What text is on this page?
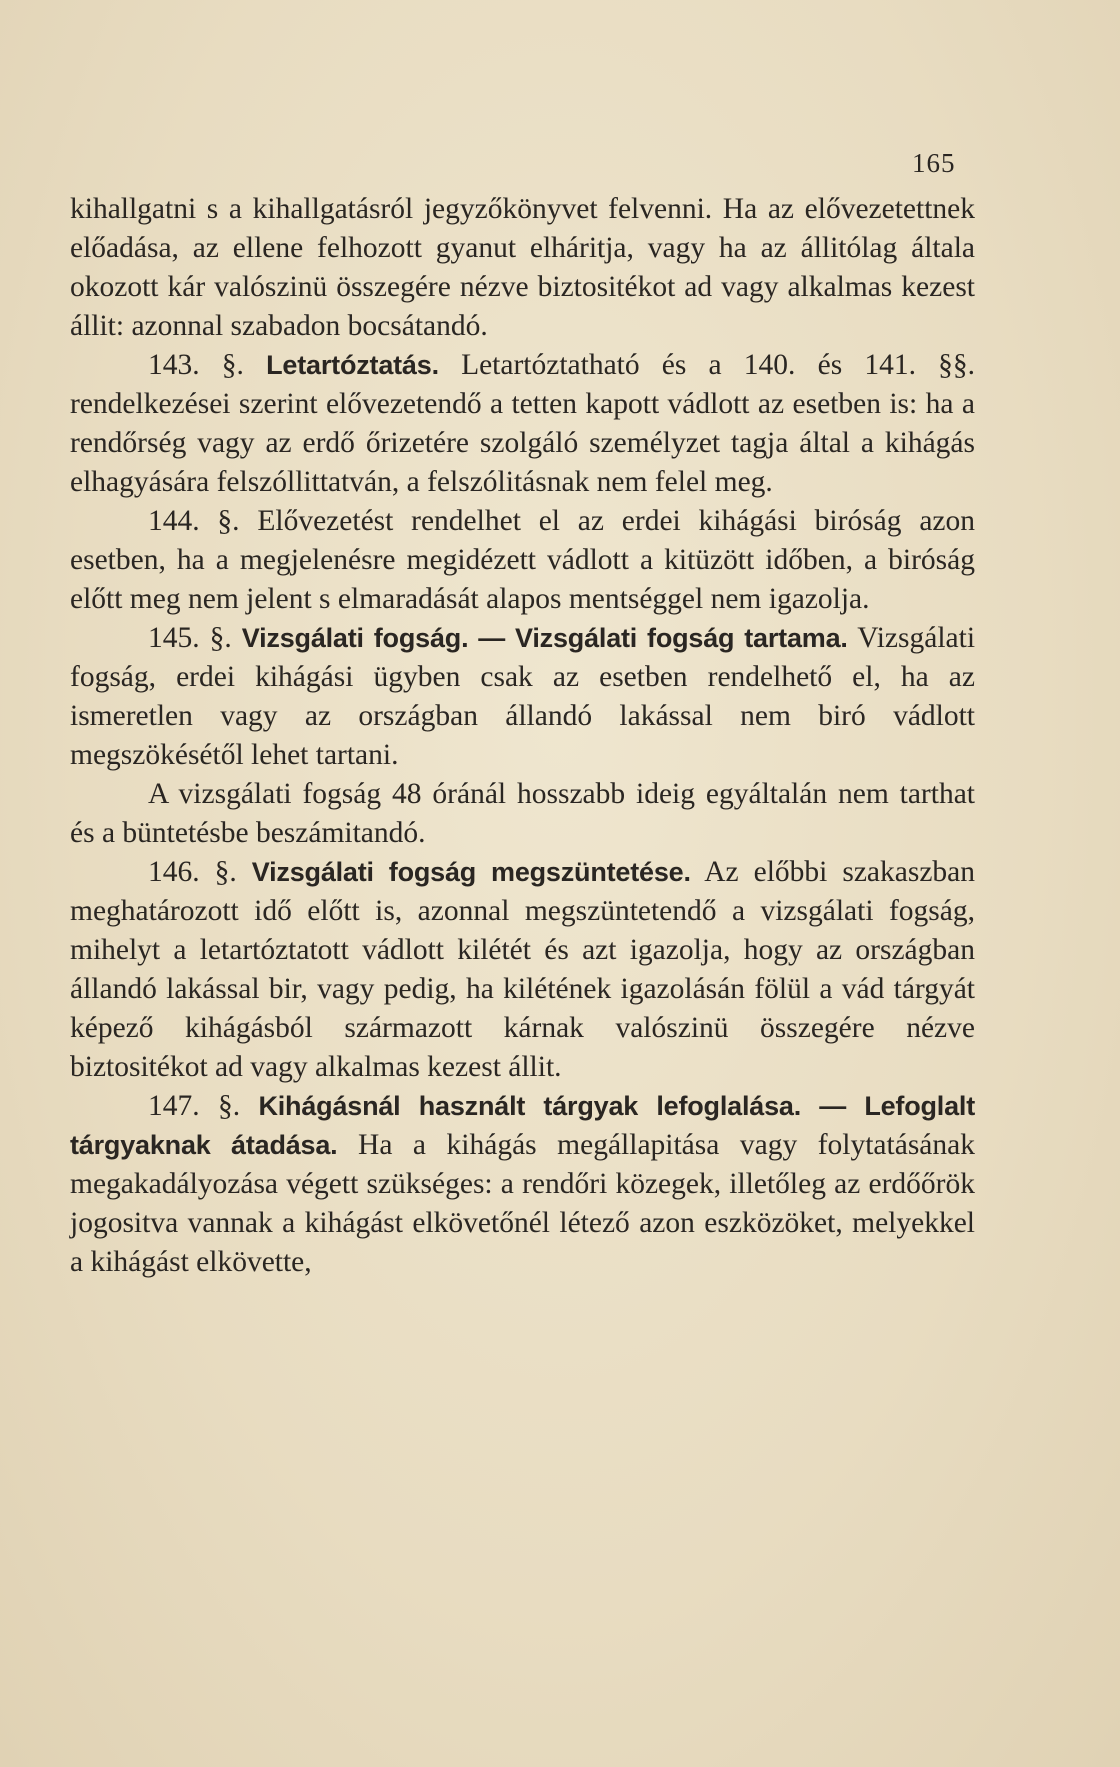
165

kihallgatni s a kihallgatásról jegyzőkönyvet felvenni. Ha az elővezetettnek előadása, az ellene felhozott gyanut elháritja, vagy ha az állitólag általa okozott kár valószinü összegére nézve biztositékot ad vagy alkalmas kezest állit: azonnal szabadon bocsátandó.

143. §. Letartóztatás. Letartóztatható és a 140. és 141. §§. rendelkezései szerint elővezetendő a tetten kapott vádlott az esetben is: ha a rendőrség vagy az erdő őrizetére szolgáló személyzet tagja által a kihágás elhagyására felszóllittatván, a felszólitásnak nem felel meg.

144. §. Elővezetést rendelhet el az erdei kihágási biróság azon esetben, ha a megjelenésre megidézett vádlott a kitüzött időben, a biróság előtt meg nem jelent s elmaradását alapos mentséggel nem igazolja.

145. §. Vizsgálati fogság. — Vizsgálati fogság tartama. Vizsgálati fogság, erdei kihágási ügyben csak az esetben rendelhető el, ha az ismeretlen vagy az országban állandó lakással nem biró vádlott megszökésétől lehet tartani.

A vizsgálati fogság 48 óránál hosszabb ideig egyáltalán nem tarthat és a büntetésbe beszámitandó.

146. §. Vizsgálati fogság megszüntetése. Az előbbi szakaszban meghatározott idő előtt is, azonnal megszüntetendő a vizsgálati fogság, mihelyt a letartóztatott vádlott kilétét és azt igazolja, hogy az országban állandó lakással bir, vagy pedig, ha kilétének igazolásán fölül a vád tárgyát képező kihágásból származott kárnak valószinü összegére nézve biztositékot ad vagy alkalmas kezest állit.

147. §. Kihágásnál használt tárgyak lefoglalása. — Lefoglalt tárgyaknak átadása. Ha a kihágás megállapitása vagy folytatásának megakadályozása végett szükséges: a rendőri közegek, illetőleg az erdőőrök jogositva vannak a kihágást elkövetőnél létező azon eszközöket, melyekkel a kihágást elkövette,
